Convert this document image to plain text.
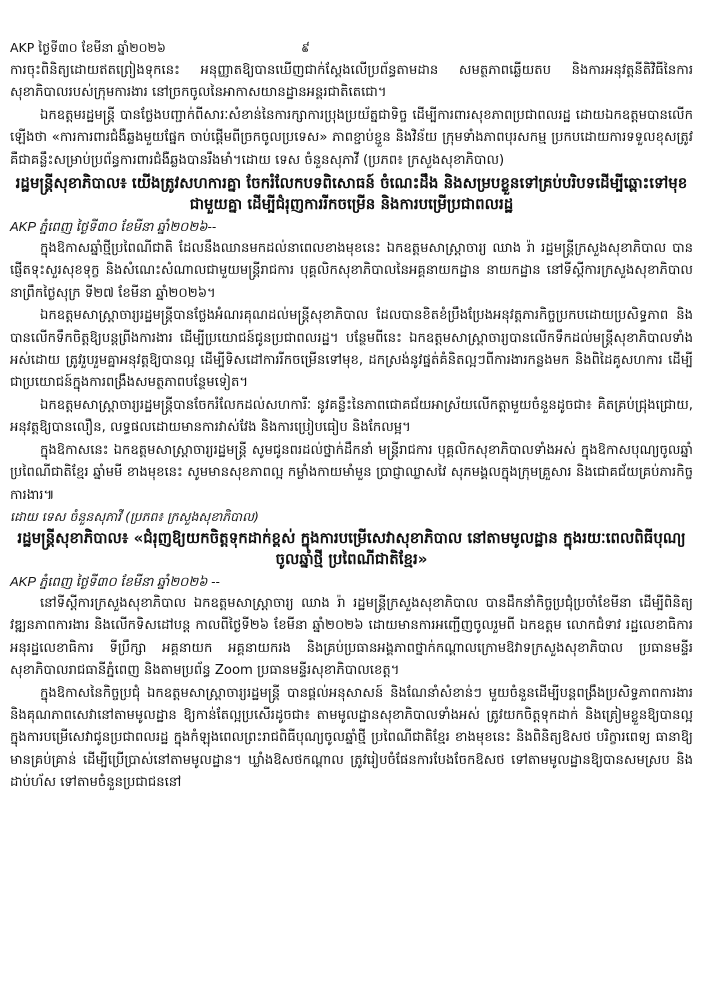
AKP ថ្ងៃទី៣០ ខែមីនា ឆ្នាំ២០២៦	៩

ការចុះពិនិត្យដោយឥតព្រៀងទុកនេះ អនុញ្ញាតឱ្យបានឃើញជាក់ស្តែងលើប្រព័ន្ធតាមដាន សមត្ថភាពឆ្លើយតប និងការអនុវត្តនីតិវិធីនៃការសុខាភិបាលរបស់ក្រុមការងារ នៅច្រកចូលនៃអាកាសយានដ្ឋានអន្តរជាតិតេជោ។

ឯកឧត្តមរដ្ឋមន្ត្រី បានថ្លែងបញ្ជាក់ពីសារៈសំខាន់នៃការក្សាការប្រុងប្រយ័ត្នជាទិច្ច ដើម្បីការពារសុខភាពប្រជាពលរដ្ឋ ដោយឯកឧត្តមបានលើកឡើងថា «ការការពារជំងឺឆ្លងមួយផ្នែក ចាប់ផ្តើមពីច្រកចូលប្រទេស» ភាពខ្ជាប់ខ្ជួន និងវិន័យ ក្រុមទាំងភាពបុរសកម្ម ប្រកបដោយការទទួលខុសត្រូវ គឺជាគន្លឹះសម្រាប់ប្រព័ន្ធការពារជំងឺឆ្លងបានរឹងមាំ។ដោយ ទេស ចំនួនសុភាវី (ប្រភព៖ ក្រសួងសុខាភិបាល)

រដ្ឋមន្ត្រីសុខាភិបាល៖ យើងត្រូវសហការគ្នា ចែករំលែកបទពិសោធន៍ ចំណេះដឹង និងសម្របខ្លួនទៅគ្រប់បរិបទដើម្បីឆ្ពោះទៅមុខជាមួយគ្នា ដើម្បីជំរុញការរីកចម្រើន និងការបម្រើប្រជាពលរដ្ឋ

AKP ភ្នំពេញ ថ្ងៃទី៣០ ខែមីនា ឆ្នាំ២០២៦--

ក្នុងឱកាសឆ្នាំថ្មីប្រពៃណីជាតិ ដែលនឹងឈានមកដល់នាពេលខាងមុខនេះ ឯកឧត្តមសាស្ត្រាចារ្យ ឈាង រ៉ា រដ្ឋមន្ត្រីក្រសួងសុខាភិបាល បានផ្ញើតទុះសួរសុខទុក្ខ និងសំណេះសំណាលជាមួយមន្ត្រីរាជការ បុគ្គលិកសុខាភិបាលនៃអគ្គនាយកដ្ឋាន នាយកដ្ឋាន នៅទីស្តីការក្រសួងសុខាភិបាល នាព្រឹកថ្ងៃសុក្រ ទី២៧ ខែមីនា ឆ្នាំ២០២៦។

ឯកឧត្តមសាស្ត្រាចារ្យរដ្ឋមន្ត្រីបានថ្លែងអំណរគុណដល់មន្ត្រីសុខាភិបាល ដែលបានខិតខំប្រឹងប្រែងអនុវត្តភារកិច្ចប្រកបដោយប្រសិទ្ធភាព និងបានលើកទឹកចិត្តឱ្យបន្តព្រីងការងារ ដើម្បីប្រយោជន៍ជូនប្រជាពលរដ្ឋ។ បន្ថែមពីនេះ ឯកឧត្តមសាស្ត្រាចារ្យបានលើកទឹកដល់មន្ត្រីសុខាភិបាលទាំងអស់ដោយ ត្រូវរួបរួមគ្នាអនុវត្តឱ្យបានល្អ ដើម្បីទិសដៅការរីកចម្រើនទៅមុខ, ដកស្រង់នូវផ្នត់គំនិតល្អៗពីការងារកន្លងមក និងពិដៃគូសហការ ដើម្បីជាប្រយោជន៍ក្នុងការពង្រឹងសមត្ថភាពបន្ថែមទៀត។

ឯកឧត្តមសាស្ត្រាចារ្យរដ្ឋមន្ត្រីបានចែករំលែកដល់សហការីៈ នូវគន្លឹះនៃភាពជោគជ័យអាស្រ័យលើកត្តាមួយចំនួនដូចជា៖ គិតគ្រប់ជ្រុងជ្រោយ, អនុវត្តឱ្យបានលឿន, លទ្ធផលដោយមានការវាស់វែង និងការប្រៀបធៀប និងកែលម្អ។

ក្នុងឱកាសនេះ ឯកឧត្តមសាស្ត្រាចារ្យរដ្ឋមន្ត្រី សូមជូនពរដល់ថ្នាក់ដឹកនាំ មន្ត្រីរាជការ បុគ្គលិកសុខាភិបាលទាំងអស់ ក្នុងឱកាសបុណ្យចូលឆ្នាំប្រពៃណីជាតិខ្មែរ ឆ្នាំមមី ខាងមុខនេះ សូមមានសុខភាពល្អ កម្លាំងកាយមាំមួន ប្រាជ្ញាឈ្លាសវៃ សុភមង្គលក្នុងក្រុមគ្រួសារ និងជោគជ័យគ្រប់ភារកិច្ចការងារ៕

ដោយ ទេស ចំនួនសុភាវី (ប្រភព៖ ក្រសួងសុខាភិបាល)

រដ្ឋមន្ត្រីសុខាភិបាល៖ «ជំរុញឱ្យយកចិត្តទុកដាក់ខ្ពស់ ក្នុងការបម្រើសេវាសុខាភិបាល នៅតាមមូលដ្ឋាន ក្នុងរយៈពេលពិធីបុណ្យចូលឆ្នាំថ្មី ប្រពៃណីជាតិខ្មែរ»

AKP ភ្នំពេញ ថ្ងៃទី៣០ ខែមីនា ឆ្នាំ២០២៦ --

នៅទីស្តីការក្រសួងសុខាភិបាល ឯកឧត្តមសាស្ត្រាចារ្យ ឈាង រ៉ា រដ្ឋមន្ត្រីក្រសួងសុខាភិបាល បានដឹកនាំកិច្ចប្រជុំប្រចាំខែមីនា ដើម្បីពិនិត្យវឌ្ឍនភាពការងារ និងលើកទិសដៅបន្ត កាលពីថ្ងៃទី២៦ ខែមីនា ឆ្នាំ២០២៦ ដោយមានការអញ្ជើញចូលរួមពី ឯកឧត្តម លោកជំទាវ រដ្ឋលេខាធិការ អនុរដ្ឋលេខាធិការ ទីប្រឹក្សា អគ្គនាយក អគ្គនាយករង និងគ្រប់ប្រធានអង្គភាពថ្នាក់កណ្តាលក្រោមឱវាទក្រសួងសុខាភិបាល ប្រធានមន្ទីរសុខាភិបាលរាជធានីភ្នំពេញ និងតាមប្រព័ន្ធ Zoom ប្រធានមន្ទីរសុខាភិបាលខេត្ត។

ក្នុងឱកាសនៃកិច្ចប្រជុំ ឯកឧត្តមសាស្ត្រាចារ្យរដ្ឋមន្ត្រី បានផ្តល់អនុសាសន៍ និងណែនាំសំខាន់ៗ មួយចំនួនដើម្បីបន្តពង្រឹងប្រសិទ្ធភាពការងារ និងគុណភាពសេវានៅតាមមូលដ្ឋាន ឱ្យកាន់តែល្អប្រសើរដូចជា៖ តាមមូលដ្ឋានសុខាភិបាលទាំងអស់ ត្រូវយកចិត្តទុកដាក់ និងត្រៀមខ្លួនឱ្យបានល្អ ក្នុងការបម្រើសេវាជូនប្រជាពលរដ្ឋ ក្នុងកំឡុងពេលព្រះរាជពិធីបុណ្យចូលឆ្នាំថ្មី ប្រពៃណីជាតិខ្មែរ ខាងមុខនេះ និងពិនិត្យឱសថ បរិក្ខារពេទ្យ ធានាឱ្យមានគ្រប់គ្រាន់ ដើម្បីប្រើប្រាស់នៅតាមមូលដ្ឋាន។ ឃ្លាំងឱសថកណ្តាល ត្រូវរៀបចំផែនការបែងចែកឱសថ ទៅតាមមូលដ្ឋានឱ្យបានសមស្រប និងដាប់ហ័ស ទៅតាមចំនួនប្រជាជននៅ
